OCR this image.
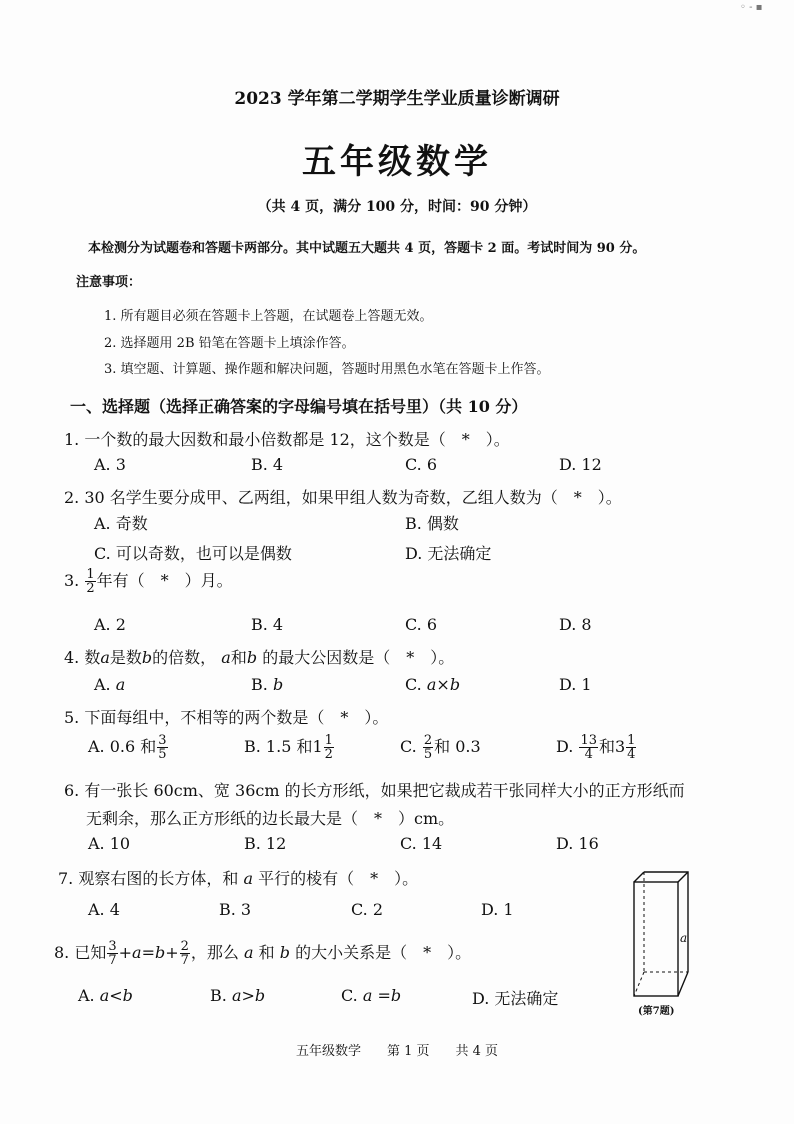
◦ - ▪
2023 学年第二学期学生学业质量诊断调研
五年级数学
（共 4 页，满分 100 分，时间：90 分钟）
本检测分为试题卷和答题卡两部分。其中试题五大题共 4 页，答题卡 2 面。考试时间为 90 分。
注意事项：
1. 所有题目必须在答题卡上答题，在试题卷上答题无效。
2. 选择题用 2B 铅笔在答题卡上填涂作答。
3. 填空题、计算题、操作题和解决问题，答题时用黑色水笔在答题卡上作答。
一、选择题（选择正确答案的字母编号填在括号里）（共 10 分）
1. 一个数的最大因数和最小倍数都是 12，这个数是（　*　）。
A. 3	B. 4	C. 6	D. 12
2. 30 名学生要分成甲、乙两组，如果甲组人数为奇数，乙组人数为（　*　）。
A. 奇数	B. 偶数
C. 可以奇数，也可以是偶数	D. 无法确定
3. $\frac{1}{2}$ 年有（　*　）月。
A. 2	B. 4	C. 6	D. 8
4. 数a是数b的倍数， a和b 的最大公因数是（　*　）。
A. a	B. b	C. a×b	D. 1
5. 下面每组中，不相等的两个数是（　*　）。
A. 0.6 和 $\frac{3}{5}$	B. 1.5 和$1 \frac{1}{2}$	C. $\frac{2}{5}$ 和 0.3	D. $\frac{13}{4}$ 和$3 \frac{1}{4}$
6. 有一张长 60cm、宽 36cm 的长方形纸，如果把它裁成若干张同样大小的正方形纸而
无剩余，那么正方形纸的边长最大是（　*　）cm。
A. 10	B. 12	C. 14	D. 16
7. 观察右图的长方体，和 a 平行的棱有（　*　）。
A. 4	B. 3	C. 2	D. 1
8. 已知 $\frac{3}{7} +a=b+ \frac{2}{7}$ ，那么 a 和 b 的大小关系是（　*　）。
A. a<b	B. a>b	C. a =b	D. 无法确定
a
(第7题)
五年级数学　　第 1 页　　共 4 页
